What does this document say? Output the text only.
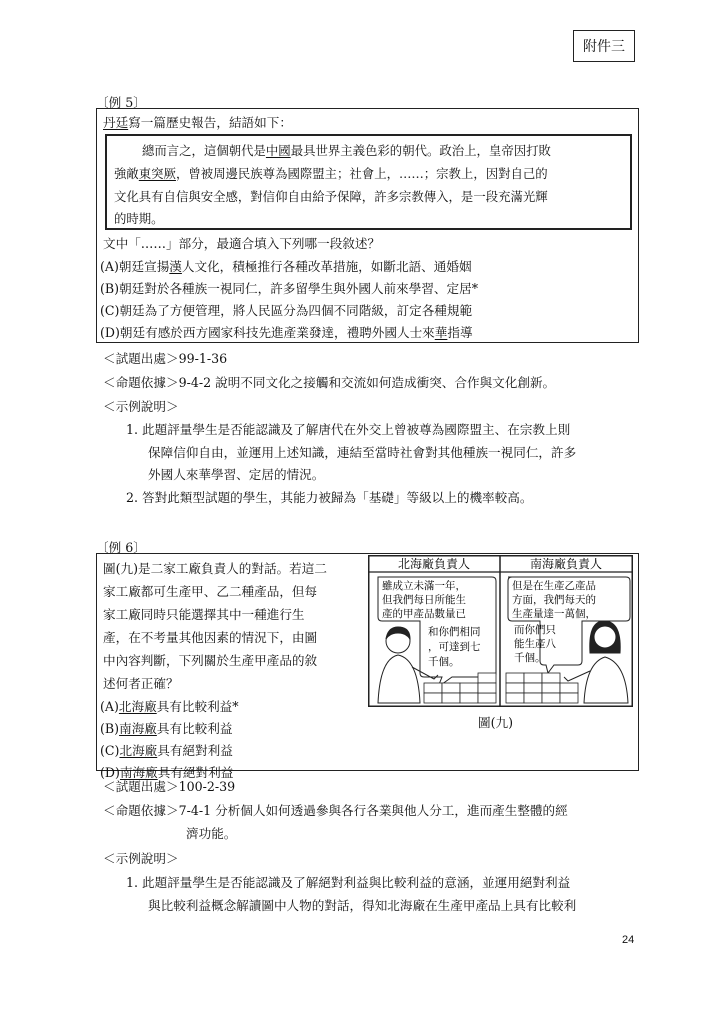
附件三
〔例 5〕
丹廷寫一篇歷史報告，結語如下：
總而言之，這個朝代是中國最具世界主義色彩的朝代。政治上，皇帝因打敗
強敵東突厥，曾被周邊民族尊為國際盟主；社會上，……；宗教上，因對自己的
文化具有自信與安全感，對信仰自由給予保障，許多宗教傳入，是一段充滿光輝
的時期。
文中「……」部分，最適合填入下列哪一段敘述？
(A)朝廷宣揚漢人文化，積極推行各種改革措施，如斷北語、通婚姻
(B)朝廷對於各種族一視同仁，許多留學生與外國人前來學習、定居*
(C)朝廷為了方便管理，將人民區分為四個不同階級，訂定各種規範
(D)朝廷有感於西方國家科技先進產業發達，禮聘外國人士來華指導
＜試題出處＞99-1-36
＜命題依據＞9-4-2 說明不同文化之接觸和交流如何造成衝突、合作與文化創新。
＜示例說明＞
1. 此題評量學生是否能認識及了解唐代在外交上曾被尊為國際盟主、在宗教上則
保障信仰自由，並運用上述知識，連結至當時社會對其他種族一視同仁，許多
外國人來華學習、定居的情況。
2. 答對此類型試題的學生，其能力被歸為「基礎」等級以上的機率較高。
〔例 6〕
圖(九)是二家工廠負責人的對話。若這二
家工廠都可生產甲、乙二種產品，但每
家工廠同時只能選擇其中一種進行生
產，在不考量其他因素的情況下，由圖
中內容判斷，下列關於生產甲產品的敘
述何者正確？
(A)北海廠具有比較利益*
(B)南海廠具有比較利益
(C)北海廠具有絕對利益
(D)南海廠具有絕對利益
北海廠負責人	南海廠負責人
雖成立未滿一年，
但我們每日所能生
產的甲產品數量已
和你們相同
，可達到七
千個。
但是在生產乙產品
方面，我們每天的
生產量達一萬個，
而你們只
能生產八
千個。
圖(九)
＜試題出處＞100-2-39
＜命題依據＞7-4-1 分析個人如何透過參與各行各業與他人分工，進而產生整體的經
濟功能。
＜示例說明＞
1. 此題評量學生是否能認識及了解絕對利益與比較利益的意涵，並運用絕對利益
與比較利益概念解讀圖中人物的對話，得知北海廠在生產甲產品上具有比較利
24
